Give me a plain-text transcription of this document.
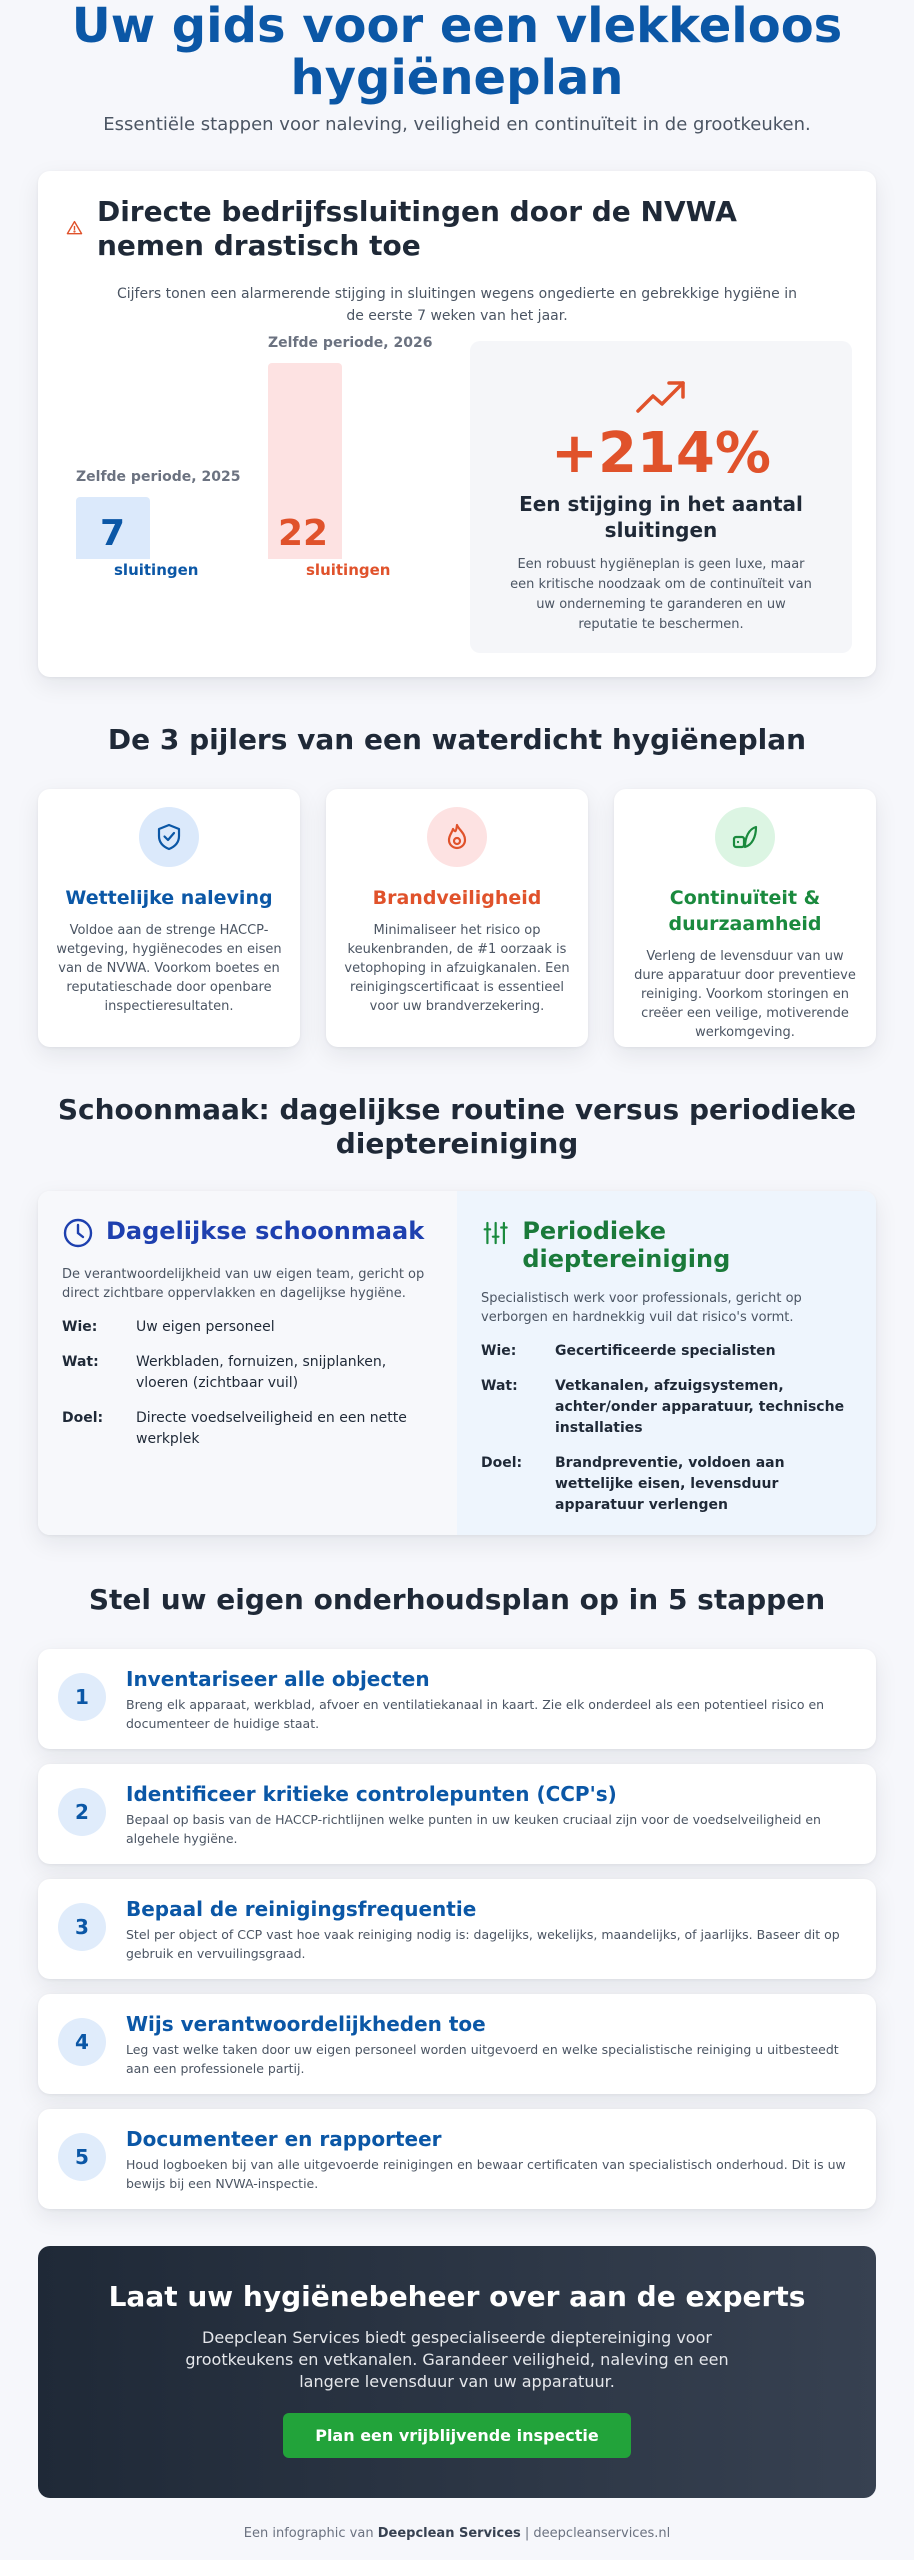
Uw gids voor een vlekkeloos hygiëneplan

Essentiële stappen voor naleving, veiligheid en continuïteit in de grootkeuken.

Directe bedrijfssluitingen door de NVWA nemen drastisch toe

Cijfers tonen een alarmerende stijging in sluitingen wegens ongedierte en gebrekkige hygiëne in de eerste 7 weken van het jaar.

Zelfde periode, 2025
7
sluitingen
Zelfde periode, 2026
22
sluitingen
+214%
Een stijging in het aantal sluitingen
Een robuust hygiëneplan is geen luxe, maar een kritische noodzaak om de continuïteit van uw onderneming te garanderen en uw reputatie te beschermen.
De 3 pijlers van een waterdicht hygiëneplan
Wettelijke naleving

Voldoe aan de strenge HACCP-wetgeving, hygiënecodes en eisen van de NVWA. Voorkom boetes en reputatieschade door openbare inspectieresultaten.

Brandveiligheid

Minimaliseer het risico op keukenbranden, de #1 oorzaak is vetophoping in afzuigkanalen. Een reinigingscertificaat is essentieel voor uw brandverzekering.

Continuïteit & duurzaamheid

Verleng de levensduur van uw dure apparatuur door preventieve reiniging. Voorkom storingen en creëer een veilige, motiverende werkomgeving.

Schoonmaak: dagelijkse routine versus periodieke dieptereiniging
Dagelijkse schoonmaak

De verantwoordelijkheid van uw eigen team, gericht op direct zichtbare oppervlakken en dagelijkse hygiëne.

Wie:	Uw eigen personeel
Wat:	Werkbladen, fornuizen, snijplanken, vloeren (zichtbaar vuil)
Doel:	Directe voedselveiligheid en een nette werkplek
Periodieke dieptereiniging

Specialistisch werk voor professionals, gericht op verborgen en hardnekkig vuil dat risico's vormt.

Wie:	Gecertificeerde specialisten
Wat:	Vetkanalen, afzuigsystemen, achter/onder apparatuur, technische installaties
Doel:	Brandpreventie, voldoen aan wettelijke eisen, levensduur apparatuur verlengen
Stel uw eigen onderhoudsplan op in 5 stappen
1
Inventariseer alle objecten

Breng elk apparaat, werkblad, afvoer en ventilatiekanaal in kaart. Zie elk onderdeel als een potentieel risico en documenteer de huidige staat.

2
Identificeer kritieke controlepunten (CCP's)

Bepaal op basis van de HACCP-richtlijnen welke punten in uw keuken cruciaal zijn voor de voedselveiligheid en algehele hygiëne.

3
Bepaal de reinigingsfrequentie

Stel per object of CCP vast hoe vaak reiniging nodig is: dagelijks, wekelijks, maandelijks, of jaarlijks. Baseer dit op gebruik en vervuilingsgraad.

4
Wijs verantwoordelijkheden toe

Leg vast welke taken door uw eigen personeel worden uitgevoerd en welke specialistische reiniging u uitbesteedt aan een professionele partij.

5
Documenteer en rapporteer

Houd logboeken bij van alle uitgevoerde reinigingen en bewaar certificaten van specialistisch onderhoud. Dit is uw bewijs bij een NVWA-inspectie.

Laat uw hygiënebeheer over aan de experts

Deepclean Services biedt gespecialiseerde dieptereiniging voor grootkeukens en vetkanalen. Garandeer veiligheid, naleving en een langere levensduur van uw apparatuur.

Plan een vrijblijvende inspectie
Een infographic van Deepclean Services | deepcleanservices.nl
